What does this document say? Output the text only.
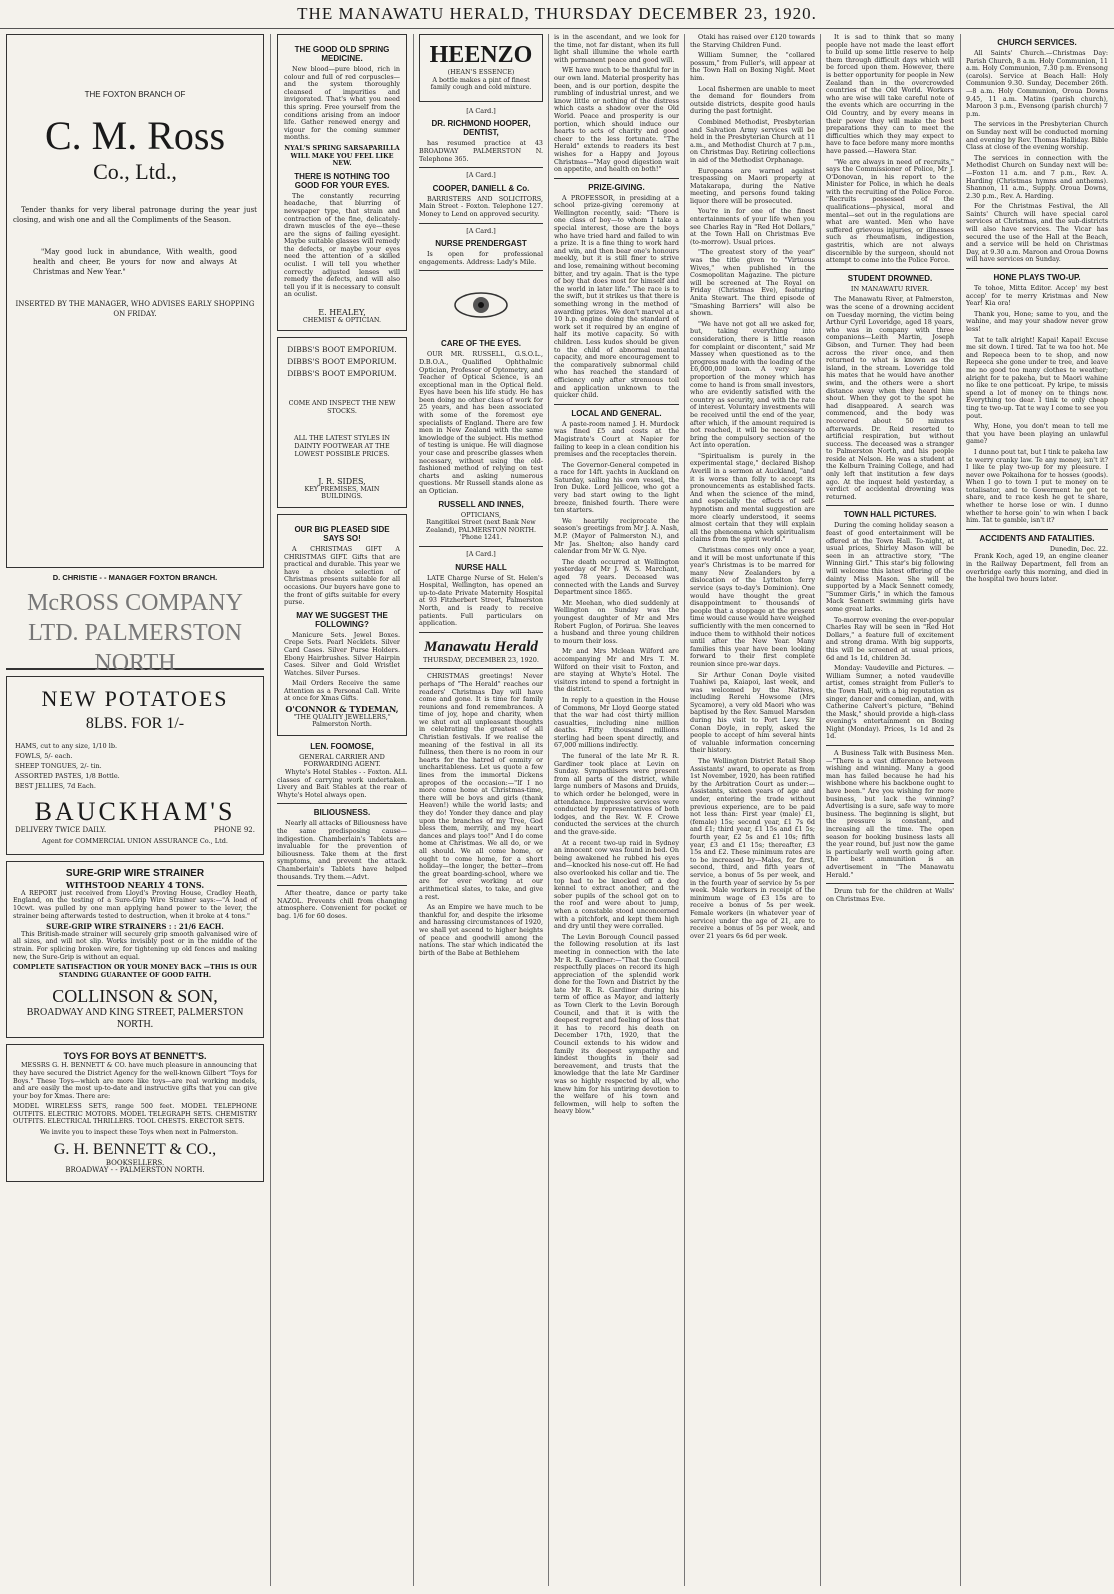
THE MANAWATU HERALD, THURSDAY DECEMBER 23, 1920.
THE FOXTON BRANCH OF
C. M. Ross
Co., Ltd.,

Tender thanks for very liberal patronage during the year just closing, and wish one and all the Compliments of the Season.

"May good luck in abundance, With wealth, good health and cheer, Be yours for now and always At Christmas and New Year."

INSERTED BY THE MANAGER, WHO ADVISES EARLY SHOPPING ON FRIDAY.

D. CHRISTIE - - MANAGER FOXTON BRANCH.
McROSS COMPANY LTD. PALMERSTON NORTH
NEW POTATOES
8LBS. FOR 1/-
HAMS, cut to any size, 1/10 lb.
FOWLS, 5/- each.
SHEEP TONGUES, 2/- tin.
ASSORTED PASTES, 1/8 Bottle.
BEST JELLIES, 7d Each.
BAUCKHAM'S
DELIVERY TWICE DAILY.	PHONE 92.
Agent for COMMERCIAL UNION ASSURANCE Co., Ltd.
SURE-GRIP WIRE STRAINER
WITHSTOOD NEARLY 4 TONS.

A REPORT just received from Lloyd's Proving House, Cradley Heath, England, on the testing of a Sure-Grip Wire Strainer says:—"A load of 10cwt. was pulled by one man applying hand power to the lever, the strainer being afterwards tested to destruction, when it broke at 4 tons."

SURE-GRIP WIRE STRAINERS : : 21/6 EACH.

This British-made strainer will securely grip smooth galvanised wire of all sizes, and will not slip. Works invisibly post or in the middle of the strain. For splicing broken wire, for tightening up old fences and making new, the Sure-Grip is without an equal.

COMPLETE SATISFACTION OR YOUR MONEY BACK —THIS IS OUR STANDING GUARANTEE OF GOOD FAITH.

COLLINSON & SON,
BROADWAY AND KING STREET, PALMERSTON NORTH.
TOYS FOR BOYS AT BENNETT'S.

MESSRS G. H. BENNETT & CO. have much pleasure in announcing that they have secured the District Agency for the well-known Gilbert "Toys for Boys." These Toys—which are more like toys—are real working models, and are easily the most up-to-date and instructive gifts that you can give your boy for Xmas. There are:

MODEL WIRELESS SETS, range 500 feet. MODEL TELEPHONE OUTFITS. ELECTRIC MOTORS. MODEL TELEGRAPH SETS. CHEMISTRY OUTFITS. ELECTRICAL THRILLERS. TOOL CHESTS. ERECTOR SETS.

We invite you to inspect these Toys when next in Palmerston.

G. H. BENNETT & CO.,
BOOKSELLERS.
BROADWAY - - PALMERSTON NORTH.
THE GOOD OLD SPRING MEDICINE.

New blood—pure blood, rich in colour and full of red corpuscles—and the system thoroughly cleansed of impurities and invigorated. That's what you need this spring. Free yourself from the conditions arising from an indoor life. Gather renewed energy and vigour for the coming summer months.

NYAL'S SPRING SARSAPARILLA WILL MAKE YOU FEEL LIKE NEW.

THERE IS NOTHING TOO GOOD FOR YOUR EYES.

The constantly recurring headache, that blurring of newspaper type, that strain and contraction of the fine, delicately-drawn muscles of the eye—these are the signs of failing eyesight. Maybe suitable glasses will remedy the defects, or maybe your eyes need the attention of a skilled oculist. I will tell you whether correctly adjusted lenses will remedy the defects, and will also tell you if it is necessary to consult an oculist.

E. HEALEY,
CHEMIST & OPTICIAN.

DIBBS'S BOOT EMPORIUM. DIBBS'S BOOT EMPORIUM. DIBBS'S BOOT EMPORIUM.

COME AND INSPECT THE NEW STOCKS.

ALL THE LATEST STYLES IN DAINTY FOOTWEAR AT THE LOWEST POSSIBLE PRICES.

J. R. SIDES,
KEY PREMISES, MAIN BUILDINGS.
OUR BIG PLEASED SIDE SAYS SO!

A CHRISTMAS GIFT A CHRISTMAS GIFT. Gifts that are practical and durable. This year we have a choice selection of Christmas presents suitable for all occasions. Our buyers have gone to the front of gifts suitable for every purse.

MAY WE SUGGEST THE FOLLOWING?

Manicure Sets. Jewel Boxes. Crepe Sets. Pearl Necklets. Silver Card Cases. Silver Purse Holders. Ebony Hairbrushes. Silver Hairpin Cases. Silver and Gold Wristlet Watches. Silver Purses.

Mail Orders Receive the same Attention as a Personal Call. Write at once for Xmas Gifts.

O'CONNOR & TYDEMAN,
"THE QUALITY JEWELLERS," Palmerston North.
LEN. FOOMOSE,
GENERAL CARRIER AND FORWARDING AGENT.

Whyte's Hotel Stables - - Foxton. ALL classes of carrying work undertaken. Livery and Bait Stables at the rear of Whyte's Hotel always open.

BILIOUSNESS.

Nearly all attacks of Biliousness have the same predisposing cause—indigestion. Chamberlain's Tablets are invaluable for the prevention of biliousness. Take them at the first symptoms, and prevent the attack. Chamberlain's Tablets have helped thousands. Try them.—Advt.

After theatre, dance or party take NAZOL. Prevents chill from changing atmosphere. Convenient for pocket or bag. 1/6 for 60 doses.

HEENZO
(HEAN'S ESSENCE)

A bottle makes a pint of finest family cough and cold mixture.

[A Card.]
DR. RICHMOND HOOPER, DENTIST,

has resumed practice at 43 BROADWAY PALMERSTON N. Telephone 365.

[A Card.]
COOPER, DANIELL & Co.

BARRISTERS AND SOLICITORS, Main Street - Foxton. Telephone 127. Money to Lend on approved security.

[A Card.]
NURSE PRENDERGAST

Is open for professional engagements. Address: Lady's Mile.

CARE OF THE EYES.

OUR MR. RUSSELL, G.S.O.L., D.B.O.A., Qualified Ophthalmic Optician, Professor of Optometry, and Teacher of Optical Science, is an exceptional man in the Optical field. Eyes have been his life study. He has been doing no other class of work for 25 years, and has been associated with some of the foremost eye specialists of England. There are few men in New Zealand with the same knowledge of the subject. His method of testing is unique. He will diagnose your case and prescribe glasses when necessary, without using the old-fashioned method of relying on test charts and asking numerous questions. Mr Russell stands alone as an Optician.

RUSSELL AND INNES,
OPTICIANS,

Rangitikei Street (next Bank New Zealand), PALMERSTON NORTH. 'Phone 1241.

[A Card.]
NURSE HALL

LATE Charge Nurse of St. Helen's Hospital, Wellington, has opened an up-to-date Private Maternity Hospital at 93 Fitzherbert Street, Palmerston North, and is ready to receive patients. Full particulars on application.

Manawatu Herald
THURSDAY, DECEMBER 23, 1920.

CHRISTMAS greetings! Never perhaps of "The Herald" reaches our readers' Christmas Day will have come and gone. It is time for family reunions and fond remembrances. A time of joy, hope and charity, when we shut out all unpleasant thoughts in celebrating the greatest of all Christian festivals. If we realise the meaning of the festival in all its fullness, then there is no room in our hearts for the hatred of enmity or uncharitableness. Let us quote a few lines from the immortal Dickens apropos of the occasion:—"If I no more come home at Christmas-time, there will be boys and girls (thank Heaven!) while the world lasts; and they do! Yonder they dance and play upon the branches of my Tree, God bless them, merrily, and my heart dances and plays too!" And I do come home at Christmas. We all do, or we all should. We all come home, or ought to come home, for a short holiday—the longer, the better—from the great boarding-school, where we are for ever working at our arithmetical slates, to take, and give a rest.

As an Empire we have much to be thankful for, and despite the irksome and harassing circumstances of 1920, we shall yet ascend to higher heights of peace and goodwill among the nations. The star which indicated the birth of the Babe at Bethlehem

is in the ascendant, and we look for the time, not far distant, when its full light shall illumine the whole earth with permanent peace and good will.

WE have much to be thankful for in our own land. Material prosperity has been, and is our portion, despite the rumbling of industrial unrest, and we know little or nothing of the distress which casts a shadow over the Old World. Peace and prosperity is our portion, which should induce our hearts to acts of charity and good cheer to the less fortunate. "The Herald" extends to readers its best wishes for a Happy and Joyous Christmas—"May good digestion wait on appetite, and health on both!"

PRIZE-GIVING.

A PROFESSOR, in presiding at a school prize-giving ceremony at Wellington recently, said: "There is one class of boy—to whom I take a special interest, those are the boys who have tried hard and failed to win a prize. It is a fine thing to work hard and win, and then bear one's honours meekly, but it is still finer to strive and lose, remaining without becoming bitter, and try again. That is the type of boy that does most for himself and the world in later life." The race is to the swift, but it strikes us that there is something wrong in the method of awarding prizes. We don't marvel at a 10 h.p. engine doing the standard of work set it required by an engine of half its motive capacity. So with children. Less kudos should be given to the child of abnormal mental capacity, and more encouragement to the comparatively subnormal child who has reached the standard of efficiency only after strenuous toil and application unknown to the quicker child.

LOCAL AND GENERAL.

A paste-room named J. H. Murdock was fined £5 and costs at the Magistrate's Court at Napier for failing to keep in a clean condition his premises and the receptacles therein.

The Governor-General competed in a race for 14ft. yachts in Auckland on Saturday, sailing his own vessel, the Iron Duke. Lord Jellicoe, who got a very bad start owing to the light breeze, finished fourth. There were ten starters.

We heartily reciprocate the season's greetings from Mr J. A. Nash, M.P. (Mayor of Palmerston N.), and Mr Jas. Shelton; also handy card calendar from Mr W. G. Nye.

The death occurred at Wellington yesterday of Mr J. W. S. Marchant, aged 78 years. Deceased was connected with the Lands and Survey Department since 1865.

Mr. Meehan, who died suddenly at Wellington on Sunday was the youngest daughter of Mr and Mrs Robert Fuglon, of Porirua. She leaves a husband and three young children to mourn their loss.

Mr and Mrs Mclean Wilford are accompanying Mr and Mrs T. M. Wilford on their visit to Foxton, and are staying at Whyte's Hotel. The visitors intend to spend a fortnight in the district.

In reply to a question in the House of Commons, Mr Lloyd George stated that the war had cost thirty million casualties, including nine million deaths. Fifty thousand millions sterling had been spent directly, and 67,000 millions indirectly.

The funeral of the late Mr R. R. Gardiner took place at Levin on Sunday. Sympathisers were present from all parts of the district, while large numbers of Masons and Druids, to which order he belonged, were in attendance. Impressive services were conducted by representatives of both lodges, and the Rev. W. F. Crowe conducted the services at the church and the grave-side.

At a recent two-up raid in Sydney an innocent cow was found in bed. On being awakened he rubbed his eyes and—knocked his nose-cut off. He had also overlooked his collar and tie. The top had to be knocked off a dog kennel to extract another, and the sober pupils of the school got on to the roof and were about to jump, when a constable stood unconcerned with a pitchfork, and kept them high and dry until they were corralled.

The Levin Borough Council passed the following resolution at its last meeting in connection with the late Mr R. R. Gardiner:—"That the Council respectfully places on record its high appreciation of the splendid work done for the Town and District by the late Mr R. R. Gardiner during his term of office as Mayor, and latterly as Town Clerk to the Levin Borough Council, and that it is with the deepest regret and feeling of loss that it has to record his death on December 17th, 1920, that the Council extends to his widow and family its deepest sympathy and kindest thoughts in their sad bereavement, and trusts that the knowledge that the late Mr Gardiner was so highly respected by all, who knew him for his untiring devotion to the welfare of his town and fellowmen, will help to soften the heavy blow."

Otaki has raised over £120 towards the Starving Children Fund.

William Sumner, the "collared possum," from Fuller's, will appear at the Town Hall on Boxing Night. Meet him.

Local fishermen are unable to meet the demand for flounders from outside districts, despite good hauls during the past fortnight.

Combined Methodist, Presbyterian and Salvation Army services will be held in the Presbyterian Church at 11 a.m., and Methodist Church at 7 p.m., on Christmas Day. Retiring collections in aid of the Methodist Orphanage.

Europeans are warned against trespassing on Maori property at Matakarapa, during the Native meeting, and persons found taking liquor there will be prosecuted.

You're in for one of the finest entertainments of your life when you see Charles Ray in "Red Hot Dollars," at the Town Hall on Christmas Eve (to-morrow). Usual prices.

"The greatest story of the year" was the title given to "Virtuous Wives," when published in the Cosmopolitan Magazine. The picture will be screened at The Royal on Friday (Christmas Eve), featuring Anita Stewart. The third episode of "Smashing Barriers" will also be shown.

"We have not got all we asked for, but, taking everything into consideration, there is little reason for complaint or discontent," said Mr Massey when questioned as to the progress made with the loading of the £6,000,000 loan. A very large proportion of the money which has come to hand is from small investors, who are evidently satisfied with the country as security, and with the rate of interest. Voluntary investments will be received until the end of the year, after which, if the amount required is not reached, it will be necessary to bring the compulsory section of the Act into operation.

"Spiritualism is purely in the experimental stage," declared Bishop Averill in a sermon at Auckland, "and it is worse than folly to accept its pronouncements as established facts. And when the science of the mind, and especially the effects of self-hypnotism and mental suggestion are more clearly understood, it seems almost certain that they will explain all the phenomena which spiritualism claims from the spirit world."

Christmas comes only once a year, and it will be most unfortunate if this year's Christmas is to be marred for many New Zealanders by a dislocation of the Lyttelton ferry service (says to-day's Dominion). One would have thought the great disappointment to thousands of people that a stoppage at the present time would cause would have weighed sufficiently with the men concerned to induce them to withhold their notices until after the New Year. Many families this year have been looking forward to their first complete reunion since pre-war days.

Sir Arthur Conan Doyle visited Tuahiwi pa, Kaiapoi, last week, and was welcomed by the Natives, including Rerehi Howsome (Mrs Sycamore), a very old Maori who was baptised by the Rev. Samuel Marsden during his visit to Port Levy. Sir Conan Doyle, in reply, asked the people to accept of him several hints of valuable information concerning their history.

The Wellington District Retail Shop Assistants' award, to operate as from 1st November, 1920, has been ratified by the Arbitration Court as under:—Assistants, sixteen years of age and under, entering the trade without previous experience, are to be paid not less than: First year (male) £1, (female) 15s; second year, £1 7s 6d and £1; third year, £1 15s and £1 5s; fourth year, £2 5s and £1 10s; fifth year, £3 and £1 15s; thereafter, £3 15s and £2. These minimum rates are to be increased by—Males, for first, second, third, and fifth years of service, a bonus of 5s per week, and in the fourth year of service by 5s per week. Male workers in receipt of the minimum wage of £3 15s are to receive a bonus of 5s per week. Female workers (in whatever year of service) under the age of 21, are to receive a bonus of 5s per week, and over 21 years 6s 6d per week.

It is sad to think that so many people have not made the least effort to build up some little reserve to help them through difficult days which will be forced upon them. However, there is better opportunity for people in New Zealand than in the overcrowded countries of the Old World. Workers who are wise will take careful note of the events which are occurring in the Old Country, and by every means in their power they will make the best preparations they can to meet the difficulties which they may expect to have to face before many more months have passed.—Hawera Star.

"We are always in need of recruits," says the Commissioner of Police, Mr J. O'Donovan, in his report to the Minister for Police, in which he deals with the recruiting of the Police Force. "Recruits possessed of the qualifications—physical, moral and mental—set out in the regulations are what are wanted. Men who have suffered grievous injuries, or illnesses such as rheumatism, indigestion, gastritis, which are not always discernible by the surgeon, should not attempt to come into the Police Force.

STUDENT DROWNED.
IN MANAWATU RIVER.

The Manawatu River, at Palmerston, was the scene of a drowning accident on Tuesday morning, the victim being Arthur Cyril Loveridge, aged 18 years, who was in company with three companions—Leith Martin, Joseph Gibson, and Turner. They had been across the river once, and then returned to what is known as the island, in the stream. Loveridge told his mates that he would have another swim, and the others were a short distance away when they heard him shout. When they got to the spot he had disappeared. A search was commenced, and the body was recovered about 50 minutes afterwards. Dr. Reid resorted to artificial respiration, but without success. The deceased was a stranger to Palmerston North, and his people reside at Nelson. He was a student at the Kelburn Training College, and had only left that institution a few days ago. At the inquest held yesterday, a verdict of accidental drowning was returned.

TOWN HALL PICTURES.

During the coming holiday season a feast of good entertainment will be offered at the Town Hall. To-night, at usual prices, Shirley Mason will be seen in an attractive story, "The Winning Girl." This star's big following will welcome this latest offering of the dainty Miss Mason. She will be supported by a Mack Sennett comedy, "Summer Girls," in which the famous Mack Sennett swimming girls have some great larks.

To-morrow evening the ever-popular Charles Ray will be seen in "Red Hot Dollars," a feature full of excitement and strong drama. With big supports, this will be screened at usual prices, 6d and 1s 1d, children 3d.

Monday: Vaudeville and Pictures. —William Sumner, a noted vaudeville artist, comes straight from Fuller's to the Town Hall, with a big reputation as singer, dancer and comedian, and, with Catherine Calvert's picture, "Behind the Mask," should provide a high-class evening's entertainment on Boxing Night (Monday). Prices, 1s 1d and 2s 1d.

A Business Talk with Business Men.—"There is a vast difference between wishing and winning. Many a good man has failed because he had his wishbone where his backbone ought to have been." Are you wishing for more business, but lack the winning? Advertising is a sure, safe way to more business. The beginning is slight, but the pressure is constant, and increasing all the time. The open season for booking business lasts all the year round, but just now the game is particularly well worth going after. The best ammunition is an advertisement in "The Manawatu Herald."

Drum tub for the children at Walls' on Christmas Eve.

CHURCH SERVICES.

All Saints' Church.—Christmas Day: Parish Church, 8 a.m. Holy Communion, 11 a.m. Holy Communion, 7.30 p.m. Evensong (carols). Service at Beach Hall: Holy Communion 9.30. Sunday, December 26th.—8 a.m. Holy Communion, Oroua Downs 9.45, 11 a.m. Matins (parish church), Maroon 3 p.m., Evensong (parish church) 7 p.m.

The services in the Presbyterian Church on Sunday next will be conducted morning and evening by Rev. Thomas Halliday. Bible Class at close of the evening worship.

The services in connection with the Methodist Church on Sunday next will be:—Foxton 11 a.m. and 7 p.m., Rev. A. Harding (Christmas hymns and anthems). Shannon, 11 a.m., Supply. Oroua Downs, 2.30 p.m., Rev. A. Harding.

For the Christmas Festival, the All Saints' Church will have special carol services at Christmas, and the sub-districts will also have services. The Vicar has secured the use of the Hall at the Beach, and a service will be held on Christmas Day, at 9.30 a.m. Maroon and Oroua Downs will have services on Sunday.

HONE PLAYS TWO-UP.

Te tohoe, Mitta Editor. Accep' my best accep' for te merry Kristmas and New Year! Kia ora!

Thank you, Hone; same to you, and the wahine, and may your shadow never grow less!

Tat te talk alright! Kapai! Kapai! Excuse me sit down. I tired. Tat te wa too hot. Me and Repeeca been to te shop, and now Repeeca she gone under te tree, and leave me no good too many clothes te weather; alright for te pakeha, but te Maori wahine no like te one petticoat. Py kripe, te missis spend a lot of money on te things now. Everything too dear. I tink te only cheap ting te two-up. Tat te way I come to see you pout.

Why, Hone, you don't mean to tell me that you have been playing an unlawful game?

I dunno pout tat, but I tink te pakeha law te werry cranky law. Te any money, isn't it? I like te play two-up for my pleesure. I never owe Pokaihona for te hosses (goods). When I go to town I put te money on te totalisator, and te Gowerment he get te share, and te race kesh he get te share, whether te horse lose or win. I dunno whether te horse goin' to win when I back him. Tat te gamble, isn't it?

ACCIDENTS AND FATALITIES.
Dunedin, Dec. 22.

Frank Koch, aged 19, an engine cleaner in the Railway Department, fell from an overbridge early this morning, and died in the hospital two hours later.
